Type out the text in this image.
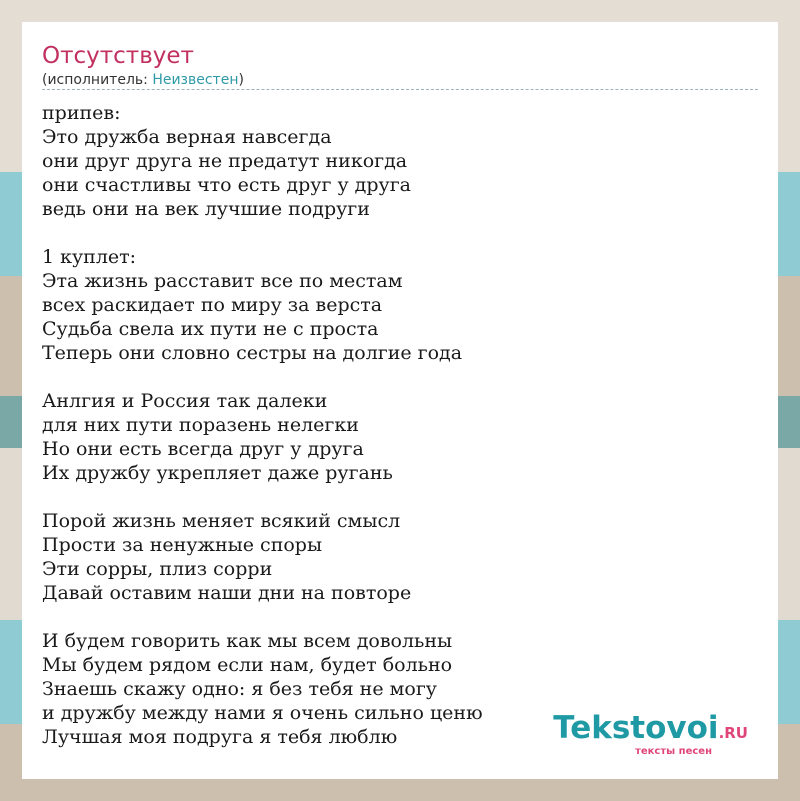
Отсутствует
(исполнитель: Неизвестен)
припев:
Это дружба верная навсегда
они друг друга не предатут никогда
они счастливы что есть друг у друга
ведь они на век лучшие подруги

1 куплет:
Эта жизнь расставит все по местам
всех раскидает по миру за верста
Судьба свела их пути не с проста
Теперь они словно сестры на долгие года

Анлгия и Россия так далеки
для них пути поразень нелегки
Но они есть всегда друг у друга
Их дружбу укрепляет даже ругань

Порой жизнь меняет всякий смысл
Прости за ненужные споры
Эти сорры, плиз сорри
Давай оставим наши дни на повторе

И будем говорить как мы всем довольны
Мы будем рядом если нам, будет больно
Знаешь скажу одно: я без тебя не могу
и дружбу между нами я очень сильно ценю
Лучшая моя подруга я тебя люблю	Tekstovoi.RU
тексты песен
